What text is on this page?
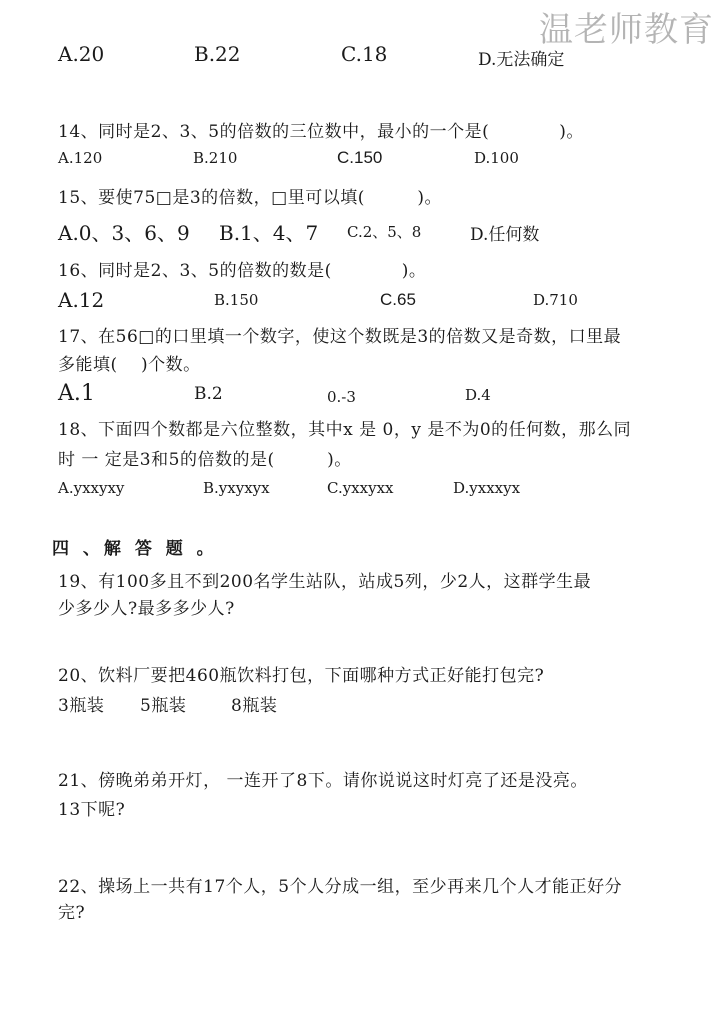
温老师教育
A.20	B.22	C.18	D.无法确定
14、同时是2、3、5的倍数的三位数中，最小的一个是(　　　　)。
A.120	B.210	C.150	D.100
15、要使75□是3的倍数，□里可以填(　　　)。
A.0、3、6、9 B.1、4、7 C.2、5、8	D.任何数
16、同时是2、3、5的倍数的数是(　　　　)。
A.12	B.150	C.65	D.710
17、在56□的口里填一个数字，使这个数既是3的倍数又是奇数，口里最
多能填(　 )个数。
A.1	B.2	0.-3	D.4
18、下面四个数都是六位整数，其中x 是 0，y 是不为0的任何数，那么同
时 一 定是3和5的倍数的是(　　　)。
A.yxxyxy	B.yxyxyx	C.yxxyxx	D.yxxxyx
四 、解 答 题 。
19、有100多且不到200名学生站队，站成5列，少2人，这群学生最
少多少人?最多多少人?
20、饮料厂要把460瓶饮料打包，下面哪种方式正好能打包完?
3瓶装 5瓶装	8瓶装
21、傍晚弟弟开灯， 一连开了8下。请你说说这时灯亮了还是没亮。
13下呢?
22、操场上一共有17个人，5个人分成一组，至少再来几个人才能正好分
完?
